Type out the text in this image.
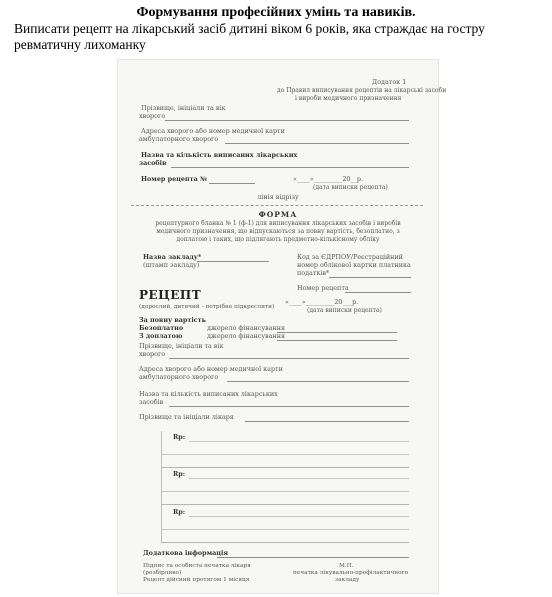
Формування професійних умінь та навиків.
Виписати рецепт на лікарський засіб дитині віком 6 років, яка страждає на гостру ревматичну лихоманку
Додаток 1
до Правил виписування рецептів на лікарські засоби
і вироби медичного призначення
Прізвище, ініціали та вік
хворого
Адреса хворого або номер медичної карти
амбулаторного хворого
Назва та кількість виписаних лікарських
засобів
Номер рецепта №	«____»_________20__р.
(дата виписки рецепта)
лінія відрізу
ФОРМА
рецептурного бланка № 1 (ф-1) для виписування лікарських засобів і виробів
медичного призначення, що відпускаються за повну вартість, безоплатно, з
доплатою і таких, що підлягають предметно-кількісному обліку
Назва закладу*
(штамп закладу)
Код за ЄДРПОУ/Реєстраційний
номер облікової картки платника
податків*
Номер рецепта
РЕЦЕПТ
(дорослий, дитячий - потрібне підкреслити)
«____»_________20___р.
(дата виписки рецепта)
За повну вартість
Безоплатно	джерело фінансування
З доплатою	джерело фінансування
Прізвище, ініціали та вік
хворого
Адреса хворого або номер медичної карти
амбулаторного хворого
Назва та кількість виписаних лікарських
засобів
Прізвище та ініціали лікаря
Rp:
Rp:
Rp:
Додаткова інформація
Підпис та особиста печатка лікаря
(розбірливо)
Рецепт дійсний протягом 1 місяця
М.П.
печатка лікувально-профілактичного
закладу
